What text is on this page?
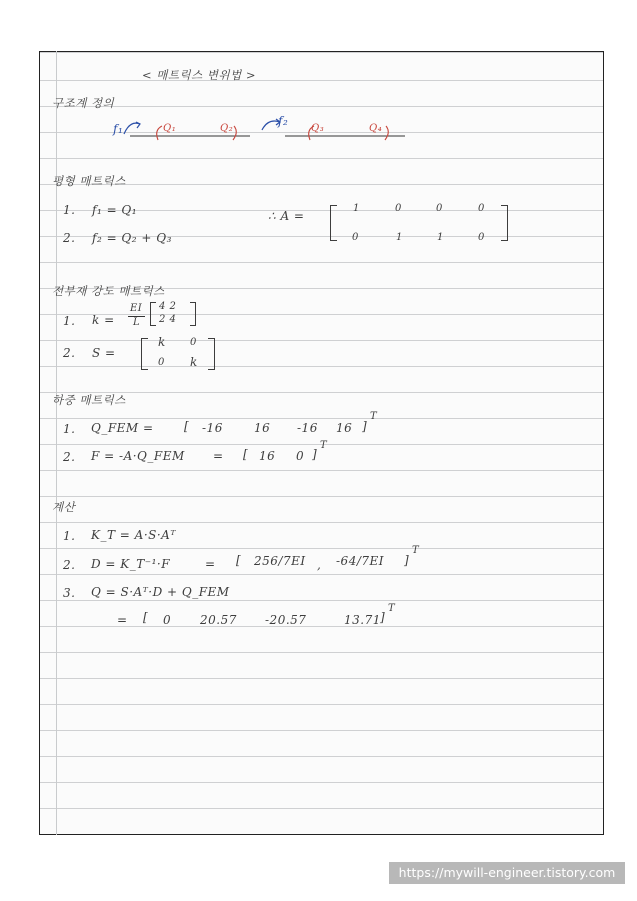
< 매트릭스 변위법 >
구조계 정의
f₁
f₂
Q₁	Q₂	Q₃	Q₄
평형 매트릭스
1. f₁ = Q₁
2. f₂ = Q₂ + Q₃
∴ A =
1	0	0	0
0	1	1	0
전부재 강도 매트릭스
1. k =
EI
L
4 2
2 4
2. S =
k 0
0 k
하중 매트릭스
1. Q_FEM =	[ -16	16 -16 16 ]
T
2. F = -A·Q_FEM = [ 16 0 ]
T
계산
1. K_T = A·S·Aᵀ
2. D = K_T⁻¹·F	= [ 256/7EI , -64/7EI ]
T
3. Q = S·Aᵀ·D + Q_FEM
= [ 0 20.57 -20.57	13.71 ]
T
https://mywill-engineer.tistory.com
